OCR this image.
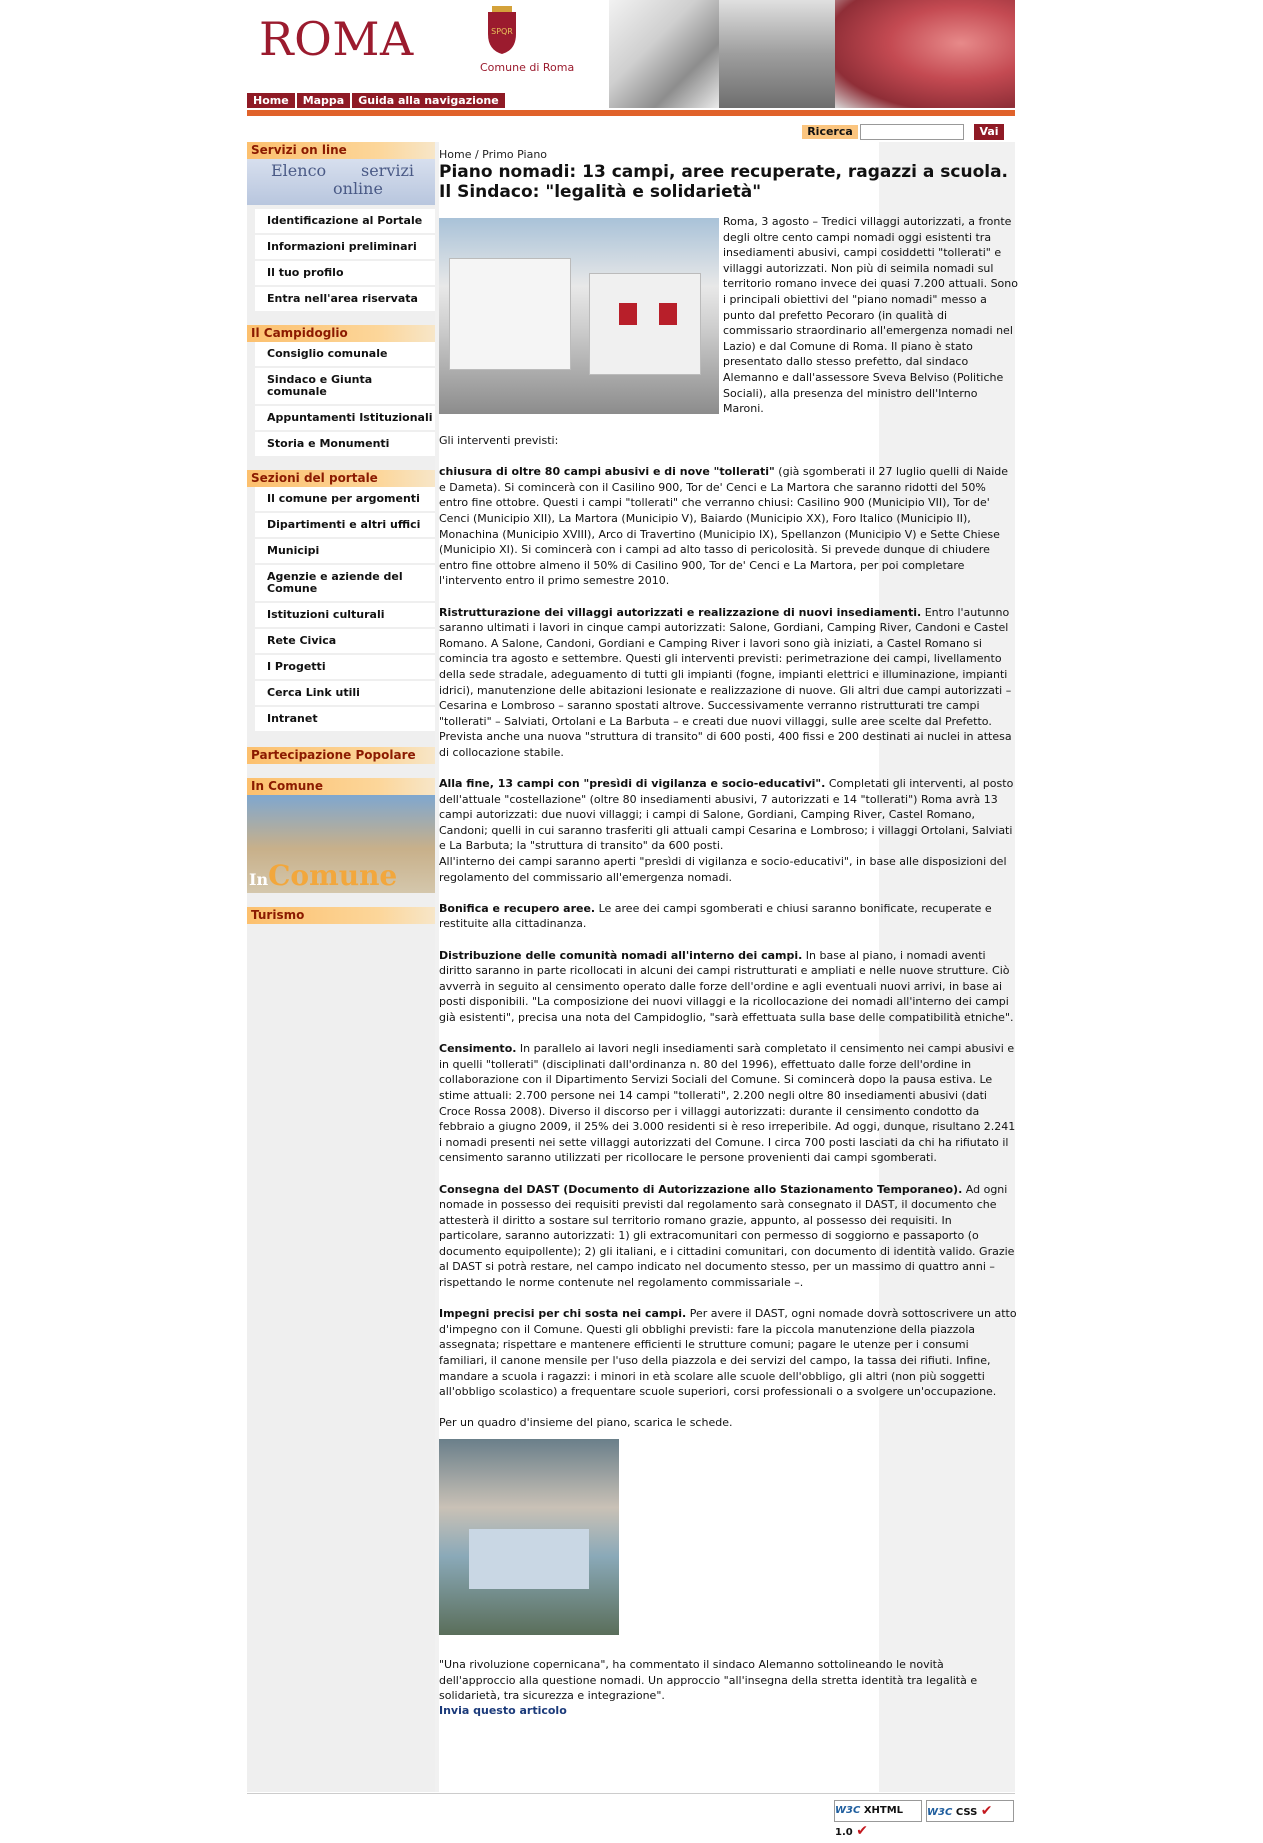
ROMA	SPQR
Comune di Roma
Home	Mappa	Guida alla navigazione
Ricerca	Vai
Servizi on line
Elenco servizi
online
Identificazione al Portale
Informazioni preliminari
Il tuo profilo
Entra nell'area riservata
Il Campidoglio
Consiglio comunale
Sindaco e Giunta comunale
Appuntamenti Istituzionali
Storia e Monumenti
Sezioni del portale
Il comune per argomenti
Dipartimenti e altri uffici
Municipi
Agenzie e aziende del Comune
Istituzioni culturali
Rete Civica
I Progetti
Cerca Link utili
Intranet
Partecipazione Popolare
In Comune
InComune
Turismo
Home / Primo Piano
Piano nomadi: 13 campi, aree recuperate, ragazzi a scuola. Il Sindaco: "legalità e solidarietà"
Roma, 3 agosto – Tredici villaggi autorizzati, a fronte degli oltre cento campi nomadi oggi esistenti tra insediamenti abusivi, campi cosiddetti "tollerati" e villaggi autorizzati. Non più di seimila nomadi sul territorio romano invece dei quasi 7.200 attuali. Sono i principali obiettivi del "piano nomadi" messo a punto dal prefetto Pecoraro (in qualità di commissario straordinario all'emergenza nomadi nel Lazio) e dal Comune di Roma. Il piano è stato presentato dallo stesso prefetto, dal sindaco Alemanno e dall'assessore Sveva Belviso (Politiche Sociali), alla presenza del ministro dell'Interno Maroni.

Gli interventi previsti:

chiusura di oltre 80 campi abusivi e di nove "tollerati" (già sgomberati il 27 luglio quelli di Naide e Dameta). Si comincerà con il Casilino 900, Tor de' Cenci e La Martora che saranno ridotti del 50% entro fine ottobre. Questi i campi "tollerati" che verranno chiusi: Casilino 900 (Municipio VII), Tor de' Cenci (Municipio XII), La Martora (Municipio V), Baiardo (Municipio XX), Foro Italico (Municipio II), Monachina (Municipio XVIII), Arco di Travertino (Municipio IX), Spellanzon (Municipio V) e Sette Chiese (Municipio XI). Si comincerà con i campi ad alto tasso di pericolosità. Si prevede dunque di chiudere entro fine ottobre almeno il 50% di Casilino 900, Tor de' Cenci e La Martora, per poi completare l'intervento entro il primo semestre 2010.

Ristrutturazione dei villaggi autorizzati e realizzazione di nuovi insediamenti. Entro l'autunno saranno ultimati i lavori in cinque campi autorizzati: Salone, Gordiani, Camping River, Candoni e Castel Romano. A Salone, Candoni, Gordiani e Camping River i lavori sono già iniziati, a Castel Romano si comincia tra agosto e settembre. Questi gli interventi previsti: perimetrazione dei campi, livellamento della sede stradale, adeguamento di tutti gli impianti (fogne, impianti elettrici e illuminazione, impianti idrici), manutenzione delle abitazioni lesionate e realizzazione di nuove. Gli altri due campi autorizzati – Cesarina e Lombroso – saranno spostati altrove. Successivamente verranno ristrutturati tre campi "tollerati" – Salviati, Ortolani e La Barbuta – e creati due nuovi villaggi, sulle aree scelte dal Prefetto. Prevista anche una nuova "struttura di transito" di 600 posti, 400 fissi e 200 destinati ai nuclei in attesa di collocazione stabile.

Alla fine, 13 campi con "presìdi di vigilanza e socio-educativi". Completati gli interventi, al posto dell'attuale "costellazione" (oltre 80 insediamenti abusivi, 7 autorizzati e 14 "tollerati") Roma avrà 13 campi autorizzati: due nuovi villaggi; i campi di Salone, Gordiani, Camping River, Castel Romano, Candoni; quelli in cui saranno trasferiti gli attuali campi Cesarina e Lombroso; i villaggi Ortolani, Salviati e La Barbuta; la "struttura di transito" da 600 posti.
All'interno dei campi saranno aperti "presìdi di vigilanza e socio-educativi", in base alle disposizioni del regolamento del commissario all'emergenza nomadi.

Bonifica e recupero aree. Le aree dei campi sgomberati e chiusi saranno bonificate, recuperate e restituite alla cittadinanza.

Distribuzione delle comunità nomadi all'interno dei campi. In base al piano, i nomadi aventi diritto saranno in parte ricollocati in alcuni dei campi ristrutturati e ampliati e nelle nuove strutture. Ciò avverrà in seguito al censimento operato dalle forze dell'ordine e agli eventuali nuovi arrivi, in base ai posti disponibili. "La composizione dei nuovi villaggi e la ricollocazione dei nomadi all'interno dei campi già esistenti", precisa una nota del Campidoglio, "sarà effettuata sulla base delle compatibilità etniche".

Censimento. In parallelo ai lavori negli insediamenti sarà completato il censimento nei campi abusivi e in quelli "tollerati" (disciplinati dall'ordinanza n. 80 del 1996), effettuato dalle forze dell'ordine in collaborazione con il Dipartimento Servizi Sociali del Comune. Si comincerà dopo la pausa estiva. Le stime attuali: 2.700 persone nei 14 campi "tollerati", 2.200 negli oltre 80 insediamenti abusivi (dati Croce Rossa 2008). Diverso il discorso per i villaggi autorizzati: durante il censimento condotto da febbraio a giugno 2009, il 25% dei 3.000 residenti si è reso irreperibile. Ad oggi, dunque, risultano 2.241 i nomadi presenti nei sette villaggi autorizzati del Comune. I circa 700 posti lasciati da chi ha rifiutato il censimento saranno utilizzati per ricollocare le persone provenienti dai campi sgomberati.

Consegna del DAST (Documento di Autorizzazione allo Stazionamento Temporaneo). Ad ogni nomade in possesso dei requisiti previsti dal regolamento sarà consegnato il DAST, il documento che attesterà il diritto a sostare sul territorio romano grazie, appunto, al possesso dei requisiti. In particolare, saranno autorizzati: 1) gli extracomunitari con permesso di soggiorno e passaporto (o documento equipollente); 2) gli italiani, e i cittadini comunitari, con documento di identità valido. Grazie al DAST si potrà restare, nel campo indicato nel documento stesso, per un massimo di quattro anni – rispettando le norme contenute nel regolamento commissariale –.

Impegni precisi per chi sosta nei campi. Per avere il DAST, ogni nomade dovrà sottoscrivere un atto d'impegno con il Comune. Questi gli obblighi previsti: fare la piccola manutenzione della piazzola assegnata; rispettare e mantenere efficienti le strutture comuni; pagare le utenze per i consumi familiari, il canone mensile per l'uso della piazzola e dei servizi del campo, la tassa dei rifiuti. Infine, mandare a scuola i ragazzi: i minori in età scolare alle scuole dell'obbligo, gli altri (non più soggetti all'obbligo scolastico) a frequentare scuole superiori, corsi professionali o a svolgere un'occupazione.

Per un quadro d'insieme del piano, scarica le schede.

"Una rivoluzione copernicana", ha commentato il sindaco Alemanno sottolineando le novità dell'approccio alla questione nomadi. Un approccio "all'insegna della stretta identità tra legalità e solidarietà, tra sicurezza e integrazione".

Invia questo articolo
W3C XHTML 1.0 ✔
W3C CSS ✔
